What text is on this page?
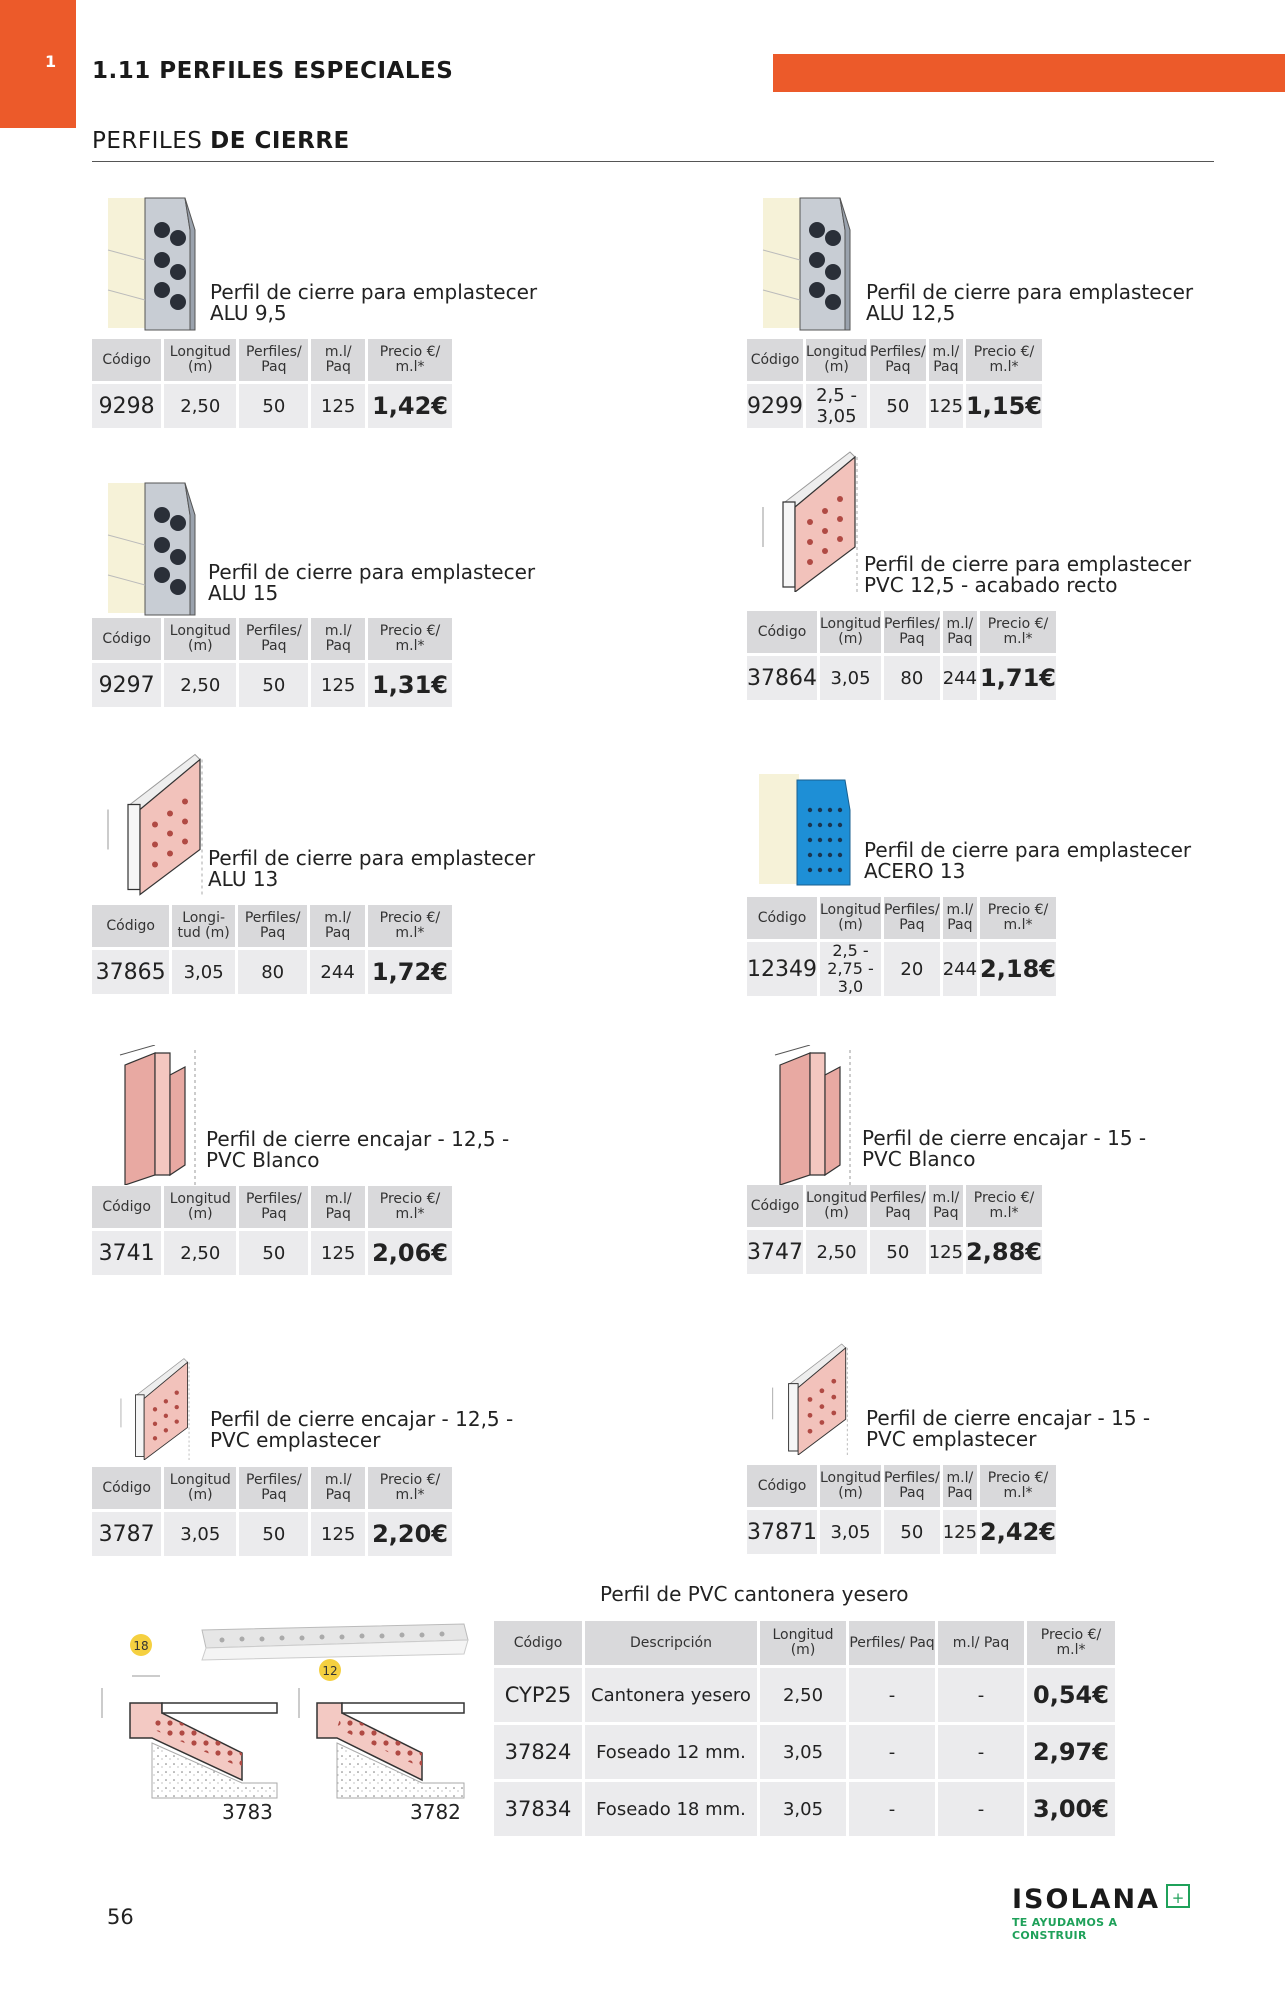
1	1.11 PERFILES ESPECIALES
PERFILES DE CIERRE
Perfil de cierre para emplastecer
ALU 9,5
Código	Longitud (m)	Perfiles/ Paq	m.l/ Paq	Precio €/ m.l*
9298	2,50	50	125	1,42€
Perfil de cierre para emplastecer
ALU 12,5
Código	Longitud (m)	Perfiles/ Paq	m.l/ Paq	Precio €/ m.l*
9299	2,5 - 3,05	50	125	1,15€
Perfil de cierre para emplastecer
ALU 15
Código	Longitud (m)	Perfiles/ Paq	m.l/ Paq	Precio €/ m.l*
9297	2,50	50	125	1,31€
Perfil de cierre para emplastecer
PVC 12,5 - acabado recto
Código	Longitud (m)	Perfiles/ Paq	m.l/ Paq	Precio €/ m.l*
37864	3,05	80	244	1,71€
Perfil de cierre para emplastecer
ALU 13
Código	Longi-tud (m)	Perfiles/ Paq	m.l/ Paq	Precio €/ m.l*
37865	3,05	80	244	1,72€
Perfil de cierre para emplastecer
ACERO 13
Código	Longitud (m)	Perfiles/ Paq	m.l/ Paq	Precio €/ m.l*
12349	2,5 - 2,75 - 3,0	20	244	2,18€
Perfil de cierre encajar - 12,5 -
PVC Blanco
Código	Longitud (m)	Perfiles/ Paq	m.l/ Paq	Precio €/ m.l*
3741	2,50	50	125	2,06€
Perfil de cierre encajar - 15 -
PVC Blanco
Código	Longitud (m)	Perfiles/ Paq	m.l/ Paq	Precio €/ m.l*
3747	2,50	50	125	2,88€
Perfil de cierre encajar - 12,5 -
PVC emplastecer
Código	Longitud (m)	Perfiles/ Paq	m.l/ Paq	Precio €/ m.l*
3787	3,05	50	125	2,20€
Perfil de cierre encajar - 15 -
PVC emplastecer
Código	Longitud (m)	Perfiles/ Paq	m.l/ Paq	Precio €/ m.l*
37871	3,05	50	125	2,42€
Perfil de PVC cantonera yesero
18
12
3783	3782
Código	Descripción	Longitud (m)	Perfiles/ Paq	m.l/ Paq	Precio €/ m.l*
CYP25	Cantonera yesero	2,50	-	-	0,54€
37824	Foseado 12 mm.	3,05	-	-	2,97€
37834	Foseado 18 mm.	3,05	-	-	3,00€
56
ISOLANA +
TE AYUDAMOS A CONSTRUIR
